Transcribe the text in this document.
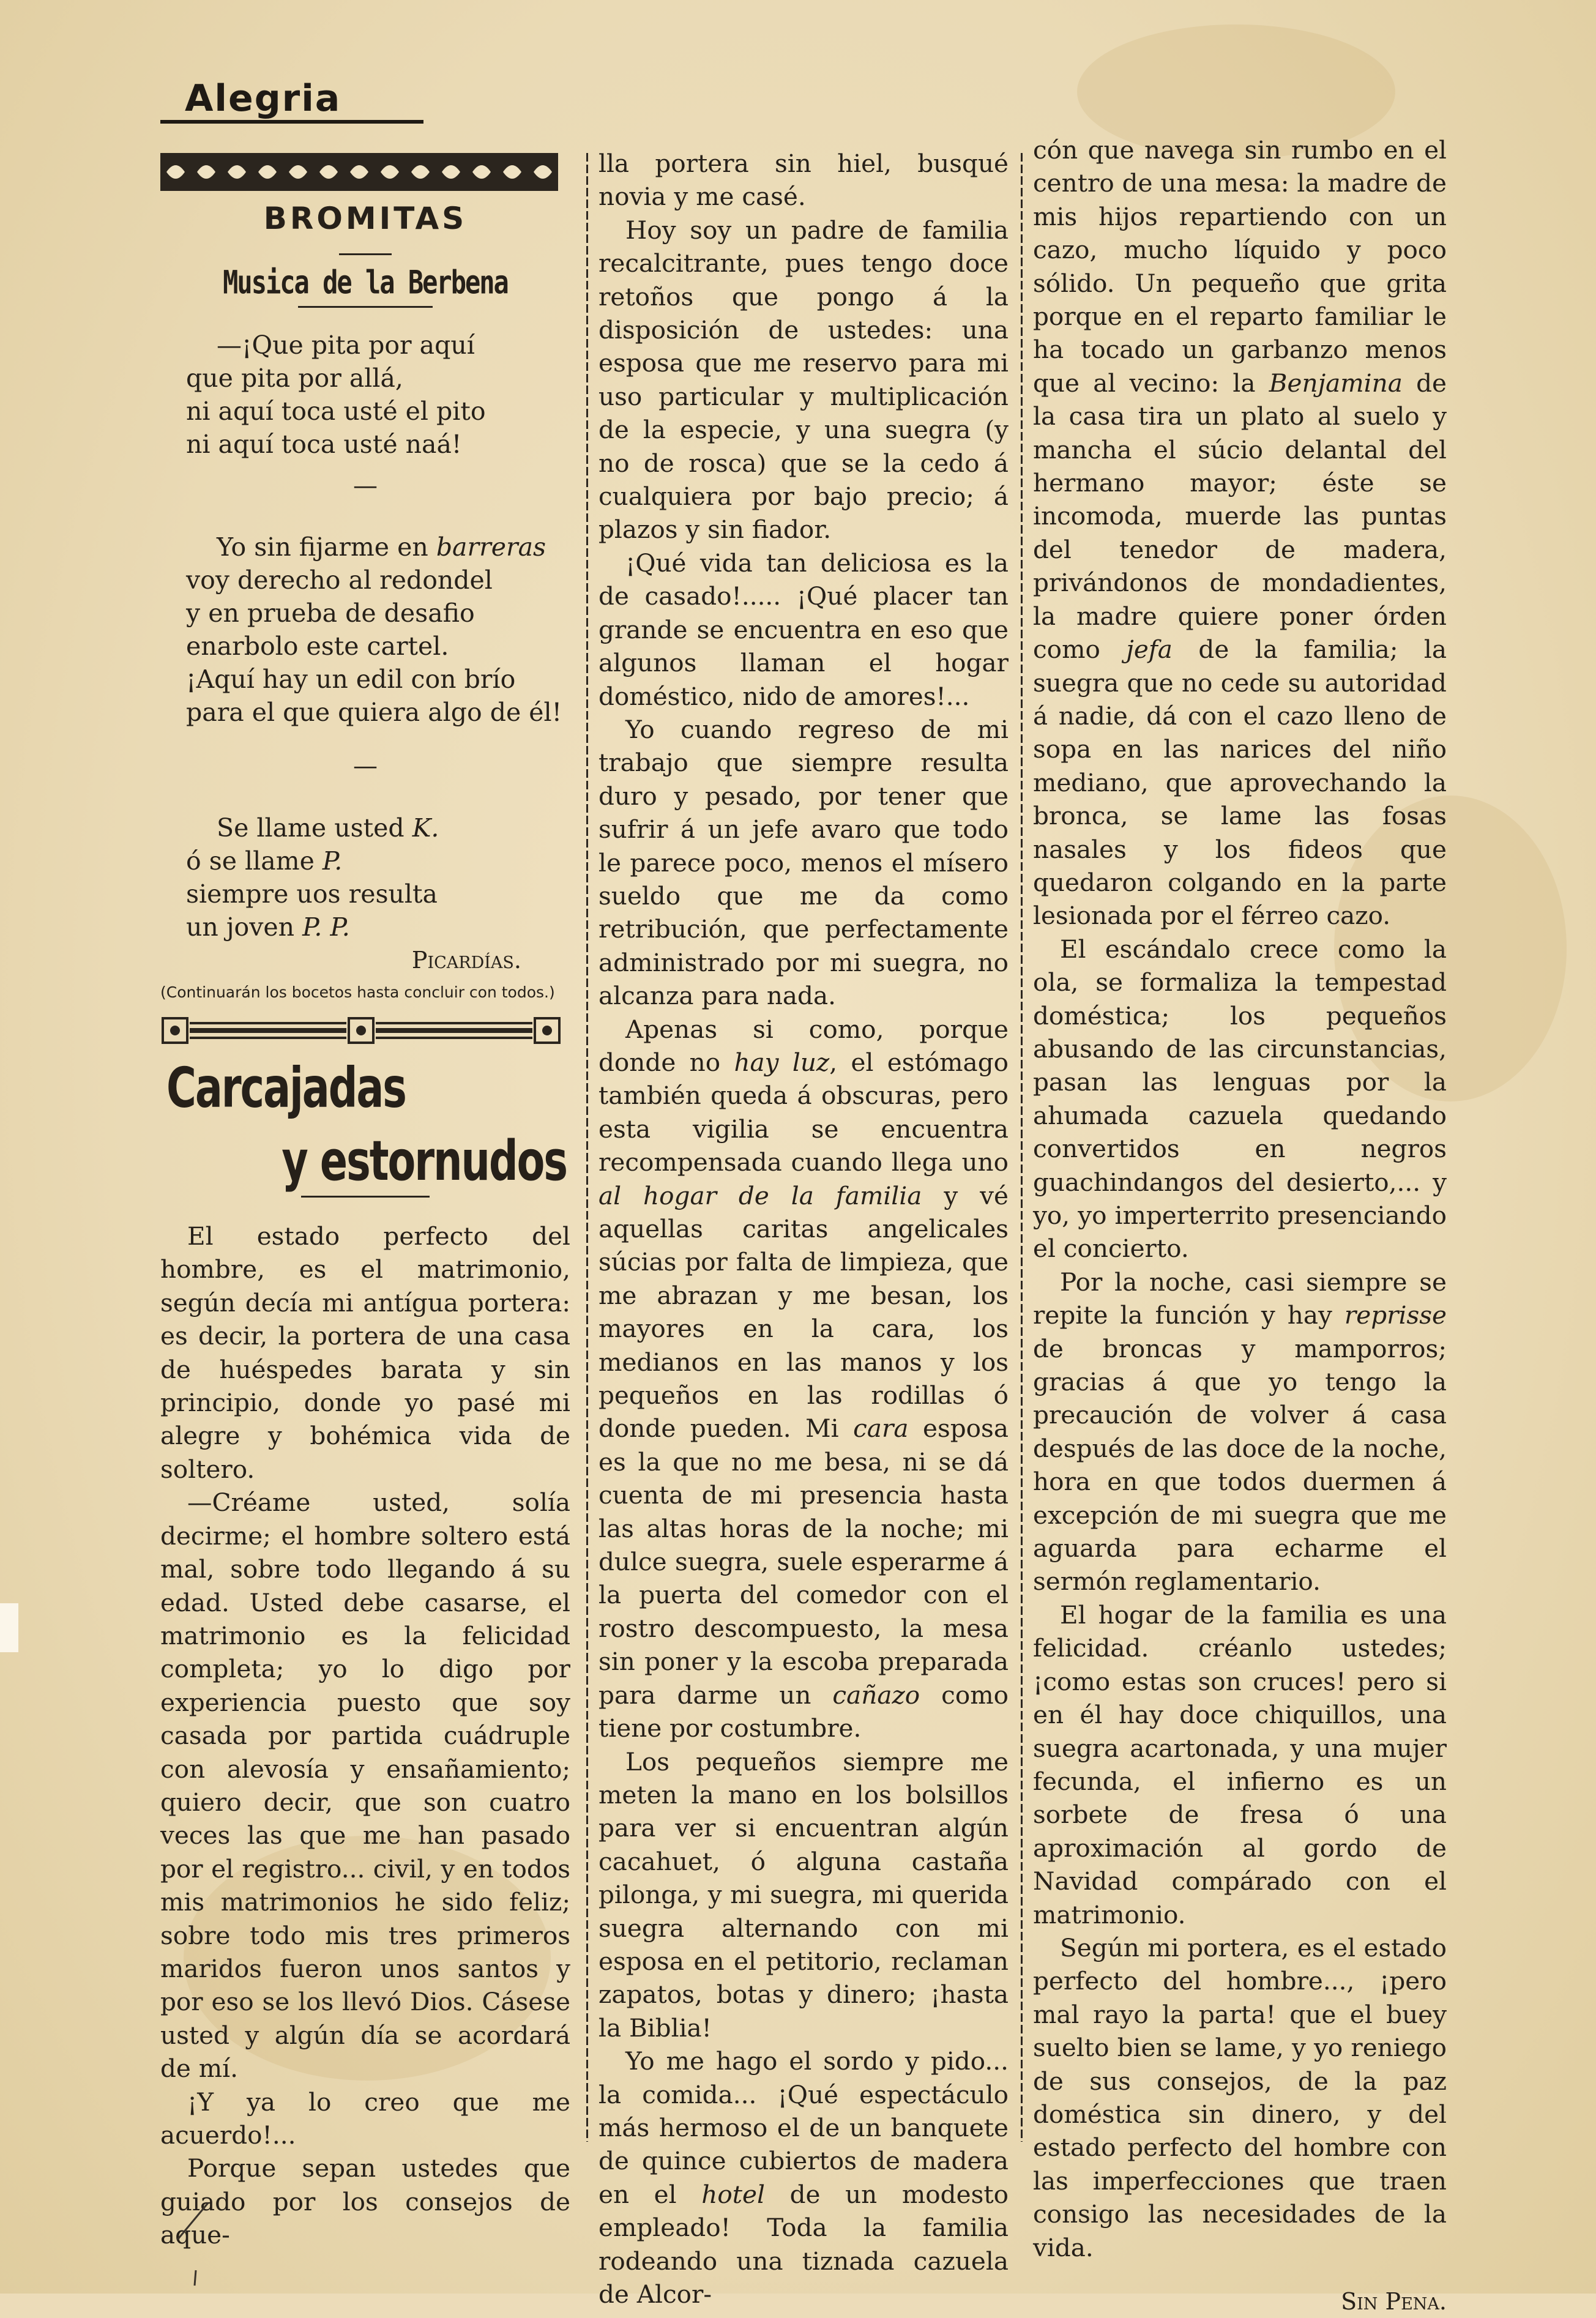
Alegria
BROMITAS
Musica de la Berbena
—¡Que pita por aquí
que pita por allá,
ni aquí toca usté el pito
ni aquí toca usté naá!
—
Yo sin fijarme en barreras
voy derecho al redondel
y en prueba de desafio
enarbolo este cartel.
¡Aquí hay un edil con brío
para el que quiera algo de él!
—
Se llame usted K.
ó se llame P.
siempre uos resulta
un joven P. P.
Picardías.
(Continuarán los bocetos hasta concluir con todos.)
Carcajadas
y estornudos

El estado perfecto del hombre, es el matrimonio, según decía mi antígua portera: es decir, la portera de una casa de huéspedes barata y sin principio, donde yo pasé mi alegre y bohémica vida de soltero.

—Créame usted, solía decirme; el hombre soltero está mal, sobre todo llegando á su edad. Usted debe casarse, el matrimonio es la felicidad completa; yo lo digo por experiencia puesto que soy casada por partida cuádruple con alevosía y ensañamiento; quiero decir, que son cuatro veces las que me han pasado por el registro... civil, y en todos mis matrimonios he sido feliz; sobre todo mis tres primeros maridos fueron unos santos y por eso se los llevó Dios. Cásese usted y algún día se acordará de mí.

¡Y ya lo creo que me acuerdo!...

Porque sepan ustedes que guiado por los consejos de aque-

lla portera sin hiel, busqué novia y me casé.

Hoy soy un padre de familia recalcitrante, pues tengo doce retoños que pongo á la disposición de ustedes: una esposa que me reservo para mi uso particular y multiplicación de la especie, y una suegra (y no de rosca) que se la cedo á cualquiera por bajo precio; á plazos y sin fiador.

¡Qué vida tan deliciosa es la de casado!..... ¡Qué placer tan grande se encuentra en eso que algunos llaman el hogar doméstico, nido de amores!...

Yo cuando regreso de mi trabajo que siempre resulta duro y pesado, por tener que sufrir á un jefe avaro que todo le parece poco, menos el mísero sueldo que me da como retribución, que perfectamente administrado por mi suegra, no alcanza para nada.

Apenas si como, porque donde no hay luz, el estómago también queda á obscuras, pero esta vigilia se encuentra recompensada cuando llega uno al hogar de la familia y vé aquellas caritas angelicales súcias por falta de limpieza, que me abrazan y me besan, los mayores en la cara, los medianos en las manos y los pequeños en las rodillas ó donde pueden. Mi cara esposa es la que no me besa, ni se dá cuenta de mi presencia hasta las altas horas de la noche; mi dulce suegra, suele esperarme á la puerta del comedor con el rostro descompuesto, la mesa sin poner y la escoba preparada para darme un cañazo como tiene por costumbre.

Los pequeños siempre me meten la mano en los bolsillos para ver si encuentran algún cacahuet, ó alguna castaña pilonga, y mi suegra, mi querida suegra alternando con mi esposa en el petitorio, reclaman zapatos, botas y dinero; ¡hasta la Biblia!

Yo me hago el sordo y pido... la comida... ¡Qué espectáculo más hermoso el de un banquete de quince cubiertos de madera en el hotel de un modesto empleado! Toda la familia rodeando una tiznada cazuela de Alcor-

cón que navega sin rumbo en el centro de una mesa: la madre de mis hijos repartiendo con un cazo, mucho líquido y poco sólido. Un pequeño que grita porque en el reparto familiar le ha tocado un garbanzo menos que al vecino: la Benjamina de la casa tira un plato al suelo y mancha el súcio delantal del hermano mayor; éste se incomoda, muerde las puntas del tenedor de madera, privándonos de mondadientes, la madre quiere poner órden como jefa de la familia; la suegra que no cede su autoridad á nadie, dá con el cazo lleno de sopa en las narices del niño mediano, que aprovechando la bronca, se lame las fosas nasales y los fideos que quedaron colgando en la parte lesionada por el férreo cazo.

El escándalo crece como la ola, se formaliza la tempestad doméstica; los pequeños abusando de las circunstancias, pasan las lenguas por la ahumada cazuela quedando convertidos en negros guachindangos del desierto,... y yo, yo imperterrito presenciando el concierto.

Por la noche, casi siempre se repite la función y hay reprisse de broncas y mamporros; gracias á que yo tengo la precaución de volver á casa después de las doce de la noche, hora en que todos duermen á excepción de mi suegra que me aguarda para echarme el sermón reglamentario.

El hogar de la familia es una felicidad. créanlo ustedes; ¡como estas son cruces! pero si en él hay doce chiquillos, una suegra acartonada, y una mujer fecunda, el infierno es un sorbete de fresa ó una aproximación al gordo de Navidad compárado con el matrimonio.

Según mi portera, es el estado perfecto del hombre..., ¡pero mal rayo la parta! que el buey suelto bien se lame, y yo reniego de sus consejos, de la paz doméstica sin dinero, y del estado perfecto del hombre con las imperfecciones que traen consigo las necesidades de la vida.

Sin Pena.
